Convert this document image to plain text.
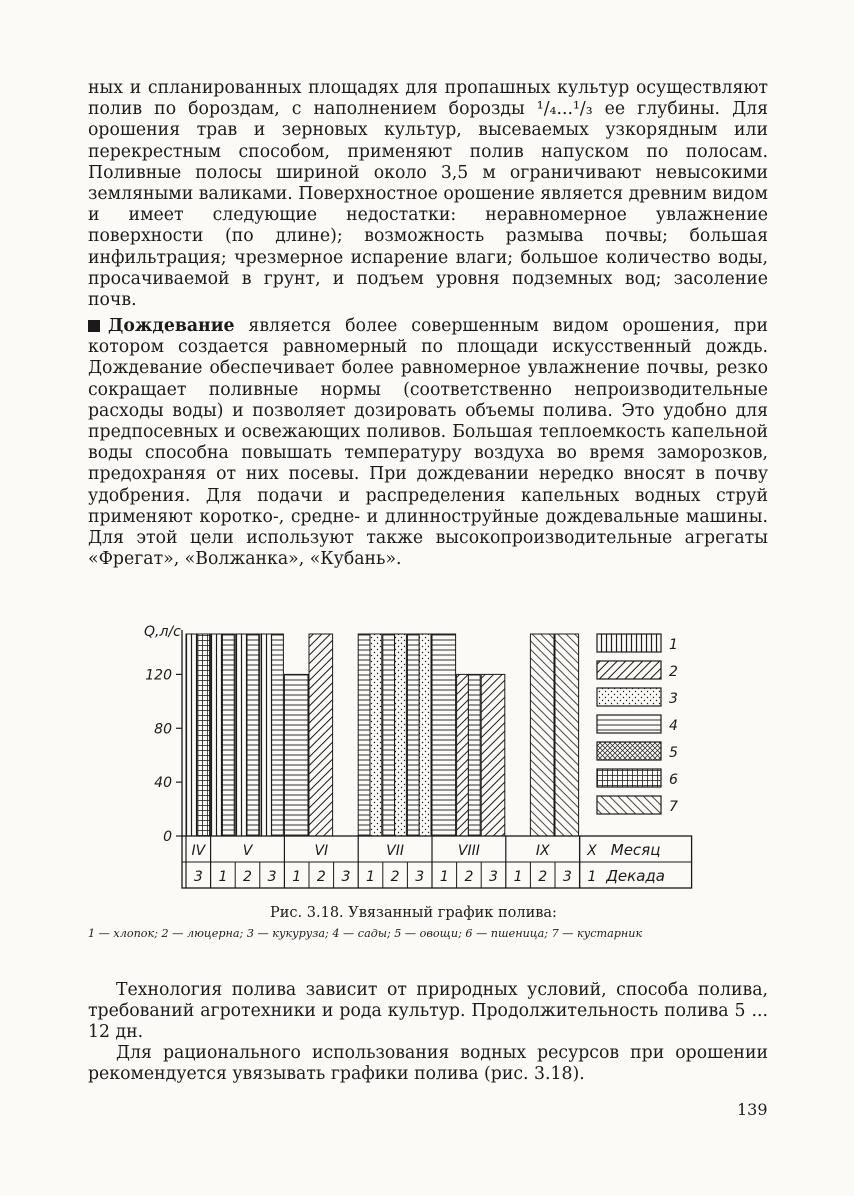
ных и спланированных площадях для пропашных культур осуществляют полив по бороздам, с наполнением борозды ¹/₄...¹/₃ ее глубины. Для орошения трав и зерновых культур, высеваемых узкорядным или перекрестным способом, применяют полив напуском по полосам. Поливные полосы шириной около 3,5 м ограничивают невысокими земляными валиками. Поверхностное орошение является древним видом и имеет следующие недостатки: неравномерное увлажнение поверхности (по длине); возможность размыва почвы; большая инфильтрация; чрезмерное испарение влаги; большое количество воды, просачиваемой в грунт, и подъем уровня подземных вод; засоление почв.
Дождевание является более совершенным видом орошения, при котором создается равномерный по площади искусственный дождь. Дождевание обеспечивает более равномерное увлажнение почвы, резко сокращает поливные нормы (соответственно непроизводительные расходы воды) и позволяет дозировать объемы полива. Это удобно для предпосевных и освежающих поливов. Большая теплоемкость капельной воды способна повышать температуру воздуха во время заморозков, предохраняя от них посевы. При дождевании нередко вносят в почву удобрения. Для подачи и распределения капельных водных струй применяют коротко-, средне- и длинноструйные дождевальные машины. Для этой цели используют также высокопроизводительные агрегаты «Фрегат», «Волжанка», «Кубань».
Q,л/с
0
40
80
120
IV
3
V
1 2 3
VI
1 2 3
VII
1 2 3
VIII
1 2 3
IX
1 2 3
X
1
Месяц
Декада
1
2
3
4
5
6
7
Рис. 3.18. Увязанный график полива:
1 — хлопок; 2 — люцерна; 3 — кукуруза; 4 — сады; 5 — овощи; 6 — пшеница; 7 — кустарник
Технология полива зависит от природных условий, способа полива, требований агротехники и рода культур. Продолжительность полива 5 ... 12 дн.
Для рационального использования водных ресурсов при орошении рекомендуется увязывать графики полива (рис. 3.18).
139
